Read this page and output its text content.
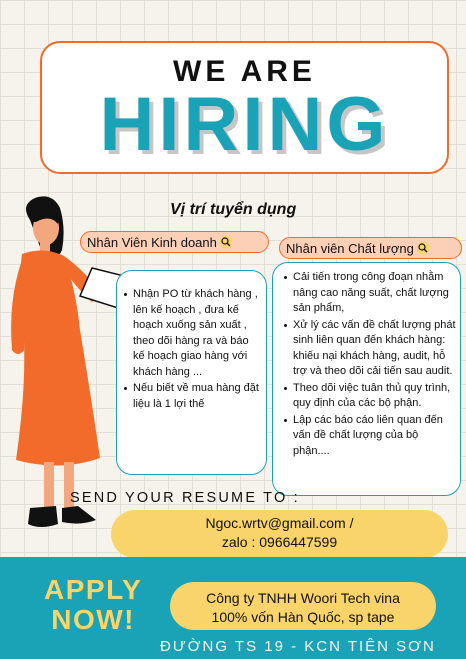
WE ARE
HIRING
Vị trí tuyển dụng
Nhân Viên Kinh doanh	Nhân viên Chất lượng
Nhận PO từ khách hàng , lên kế hoạch , đưa kế hoạch xuống sản xuất , theo dõi hàng ra và báo kế hoạch giao hàng với khách hàng ...
Nếu biết về mua hàng đặt liệu là 1 lợi thế
Cải tiến trong công đoạn nhằm nâng cao năng suất, chất lượng sản phẩm,
Xử lý các vấn đề chất lượng phát sinh liên quan đến khách hàng: khiếu nại khách hàng, audit, hỗ trợ và theo dõi cải tiến sau audit.
Theo dõi việc tuân thủ quy trình, quy định của các bộ phận.
Lập các báo cáo liên quan đến vấn đề chất lượng của bộ phận....
SEND YOUR RESUME TO :
Ngoc.wrtv@gmail.com /
zalo : 0966447599
APPLY
NOW!
Công ty TNHH Woori Tech vina
100% vốn Hàn Quốc, sp tape
ĐƯỜNG TS 19 - KCN TIÊN SƠN
